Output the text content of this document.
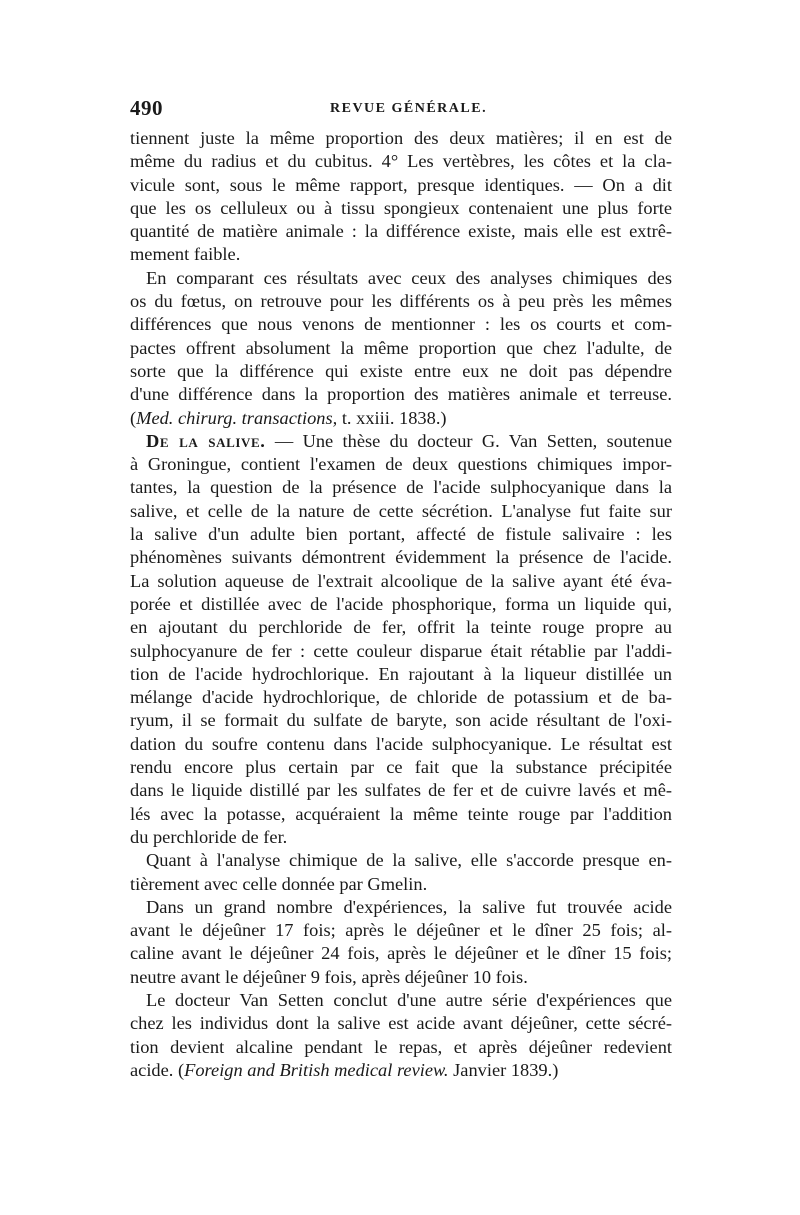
490	REVUE GÉNÉRALE.
tiennent juste la même proportion des deux matières; il en est de
même du radius et du cubitus. 4° Les vertèbres, les côtes et la cla-
vicule sont, sous le même rapport, presque identiques. — On a dit
que les os celluleux ou à tissu spongieux contenaient une plus forte
quantité de matière animale : la différence existe, mais elle est extrê-
mement faible.
En comparant ces résultats avec ceux des analyses chimiques des
os du fœtus, on retrouve pour les différents os à peu près les mêmes
différences que nous venons de mentionner : les os courts et com-
pactes offrent absolument la même proportion que chez l'adulte, de
sorte que la différence qui existe entre eux ne doit pas dépendre
d'une différence dans la proportion des matières animale et terreuse.
(Med. chirurg. transactions, t. xxiii. 1838.)
De la salive. — Une thèse du docteur G. Van Setten, soutenue
à Groningue, contient l'examen de deux questions chimiques impor-
tantes, la question de la présence de l'acide sulphocyanique dans la
salive, et celle de la nature de cette sécrétion. L'analyse fut faite sur
la salive d'un adulte bien portant, affecté de fistule salivaire : les
phénomènes suivants démontrent évidemment la présence de l'acide.
La solution aqueuse de l'extrait alcoolique de la salive ayant été éva-
porée et distillée avec de l'acide phosphorique, forma un liquide qui,
en ajoutant du perchloride de fer, offrit la teinte rouge propre au
sulphocyanure de fer : cette couleur disparue était rétablie par l'addi-
tion de l'acide hydrochlorique. En rajoutant à la liqueur distillée un
mélange d'acide hydrochlorique, de chloride de potassium et de ba-
ryum, il se formait du sulfate de baryte, son acide résultant de l'oxi-
dation du soufre contenu dans l'acide sulphocyanique. Le résultat est
rendu encore plus certain par ce fait que la substance précipitée
dans le liquide distillé par les sulfates de fer et de cuivre lavés et mê-
lés avec la potasse, acquéraient la même teinte rouge par l'addition
du perchloride de fer.
Quant à l'analyse chimique de la salive, elle s'accorde presque en-
tièrement avec celle donnée par Gmelin.
Dans un grand nombre d'expériences, la salive fut trouvée acide
avant le déjeûner 17 fois; après le déjeûner et le dîner 25 fois; al-
caline avant le déjeûner 24 fois, après le déjeûner et le dîner 15 fois;
neutre avant le déjeûner 9 fois, après déjeûner 10 fois.
Le docteur Van Setten conclut d'une autre série d'expériences que
chez les individus dont la salive est acide avant déjeûner, cette sécré-
tion devient alcaline pendant le repas, et après déjeûner redevient
acide. (Foreign and British medical review. Janvier 1839.)
